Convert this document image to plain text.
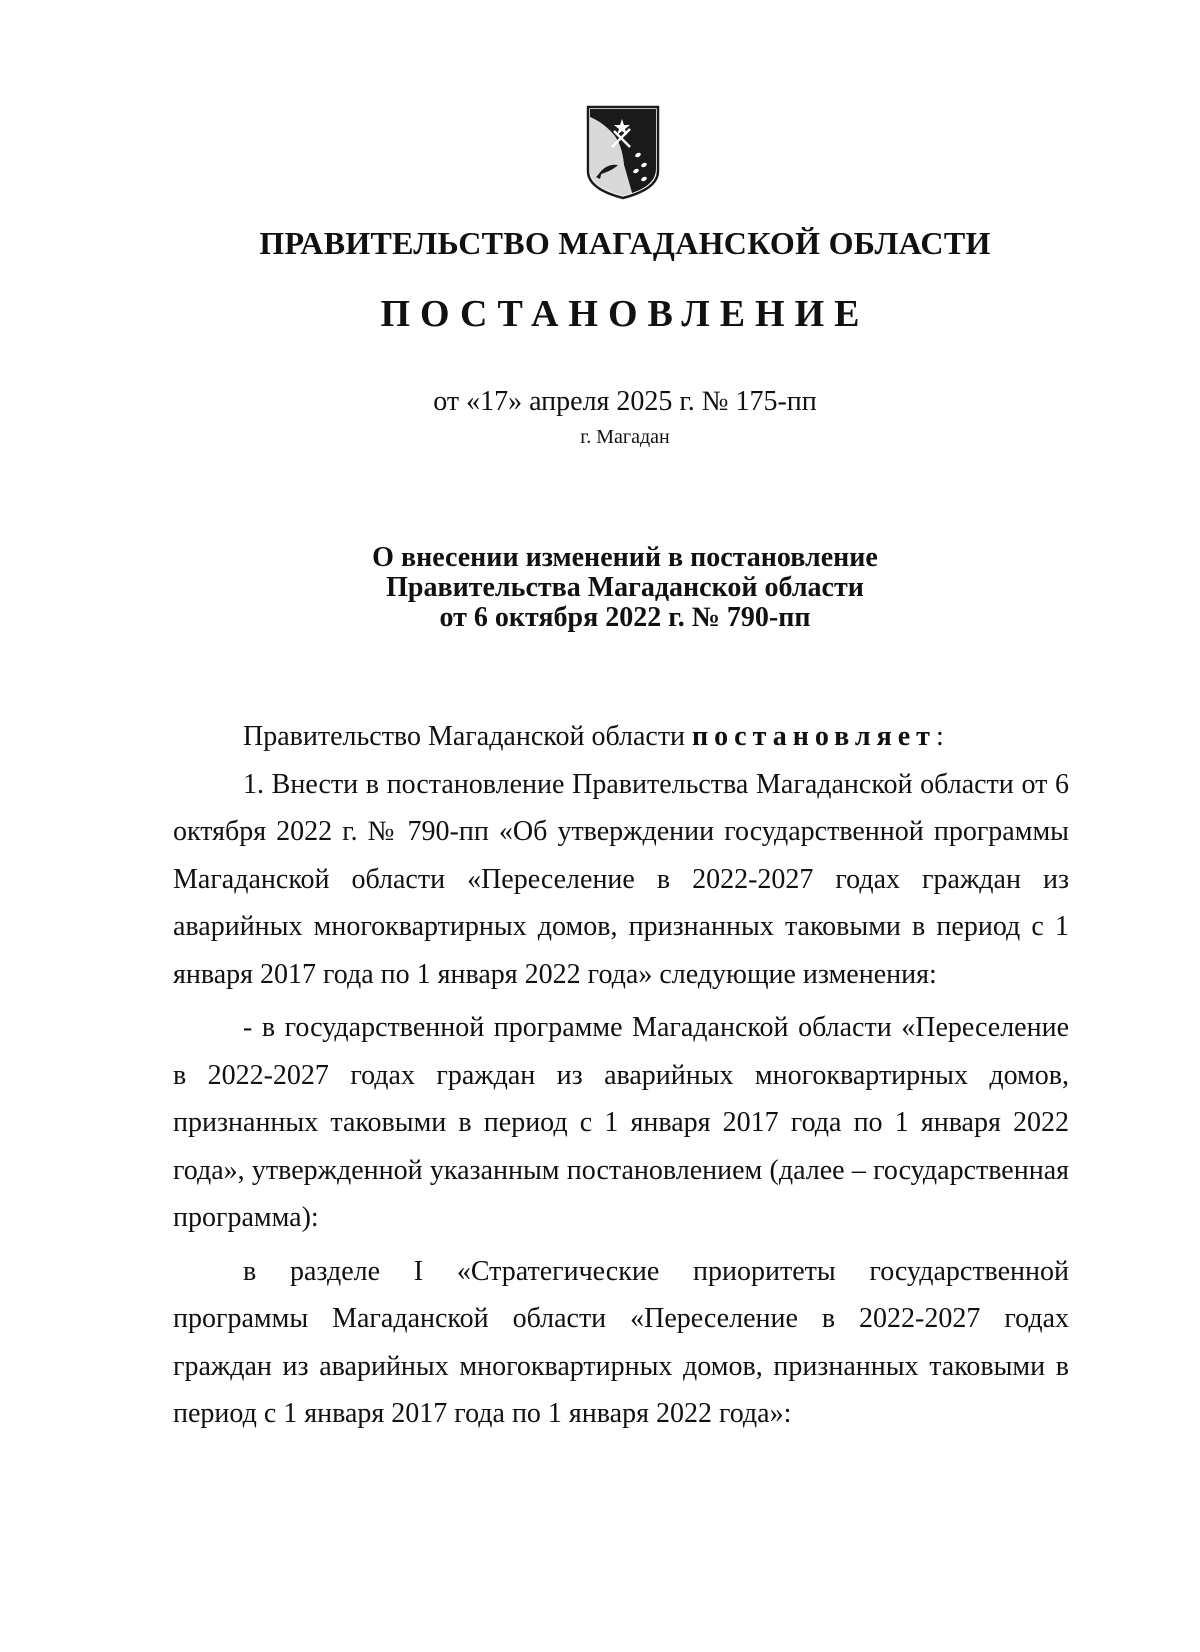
ПРАВИТЕЛЬСТВО МАГАДАНСКОЙ ОБЛАСТИ
ПОСТАНОВЛЕНИЕ
от «17» апреля 2025 г. № 175-пп
г. Магадан
О внесении изменений в постановление
Правительства Магаданской области
от 6 октября 2022 г. № 790-пп

Правительство Магаданской области постановляет:

1. Внести в постановление Правительства Магаданской области от 6 октября 2022 г. № 790-пп «Об утверждении государственной программы Магаданской области «Переселение в 2022-2027 годах граждан из аварийных многоквартирных домов, признанных таковыми в период с 1 января 2017 года по 1 января 2022 года» следующие изменения:

- в государственной программе Магаданской области «Переселение в 2022-2027 годах граждан из аварийных многоквартирных домов, признанных таковыми в период с 1 января 2017 года по 1 января 2022 года», утвержденной указанным постановлением (далее – государственная программа):

в разделе I «Стратегические приоритеты государственной программы Магаданской области «Переселение в 2022-2027 годах граждан из аварийных многоквартирных домов, признанных таковыми в период с 1 января 2017 года по 1 января 2022 года»:
